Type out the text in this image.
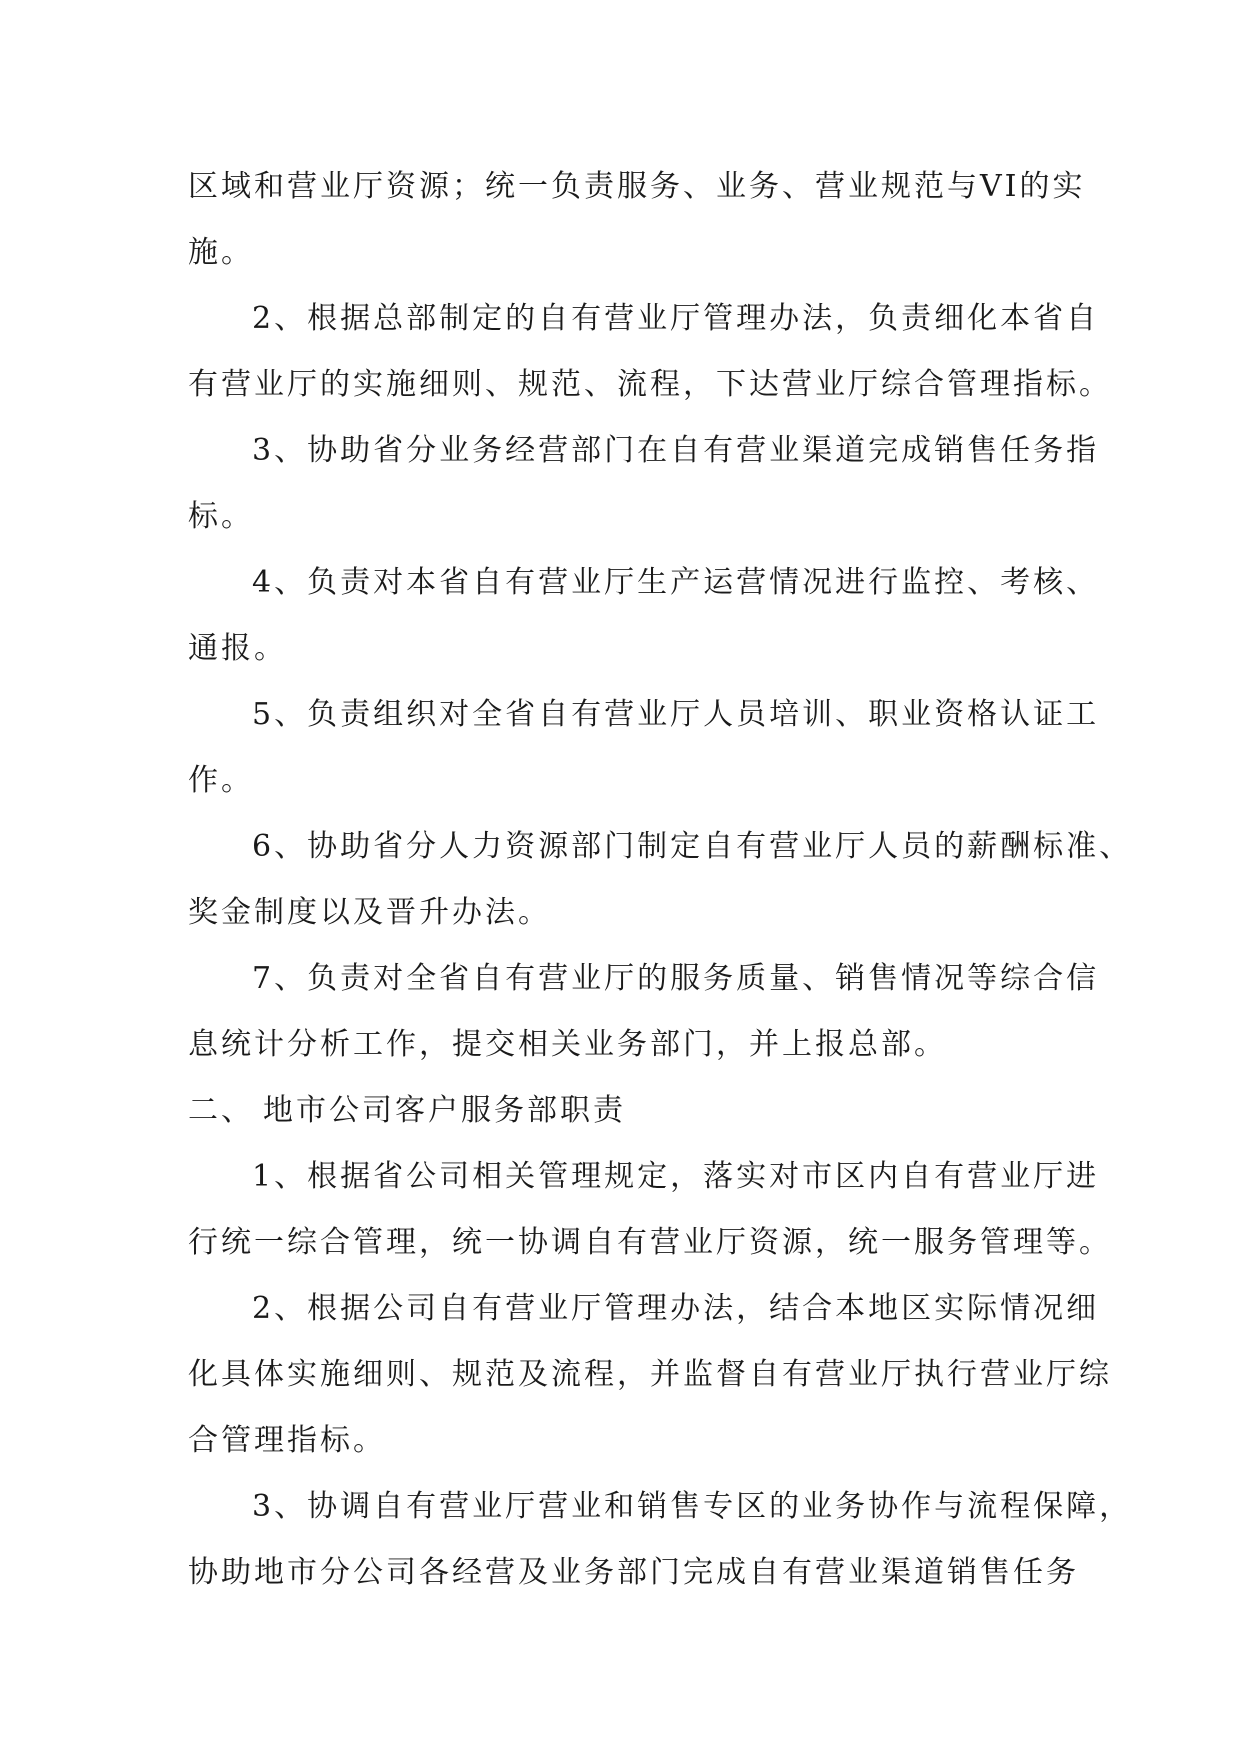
区域和营业厅资源；统一负责服务、业务、营业规范与VI的实
施。
2、根据总部制定的自有营业厅管理办法，负责细化本省自
有营业厅的实施细则、规范、流程，下达营业厅综合管理指标。
3、协助省分业务经营部门在自有营业渠道完成销售任务指
标。
4、负责对本省自有营业厅生产运营情况进行监控、考核、
通报。
5、负责组织对全省自有营业厅人员培训、职业资格认证工
作。
6、协助省分人力资源部门制定自有营业厅人员的薪酬标准、
奖金制度以及晋升办法。
7、负责对全省自有营业厅的服务质量、销售情况等综合信
息统计分析工作，提交相关业务部门，并上报总部。
二、 地市公司客户服务部职责
1、根据省公司相关管理规定，落实对市区内自有营业厅进
行统一综合管理，统一协调自有营业厅资源，统一服务管理等。
2、根据公司自有营业厅管理办法，结合本地区实际情况细
化具体实施细则、规范及流程，并监督自有营业厅执行营业厅综
合管理指标。
3、协调自有营业厅营业和销售专区的业务协作与流程保障，
协助地市分公司各经营及业务部门完成自有营业渠道销售任务
